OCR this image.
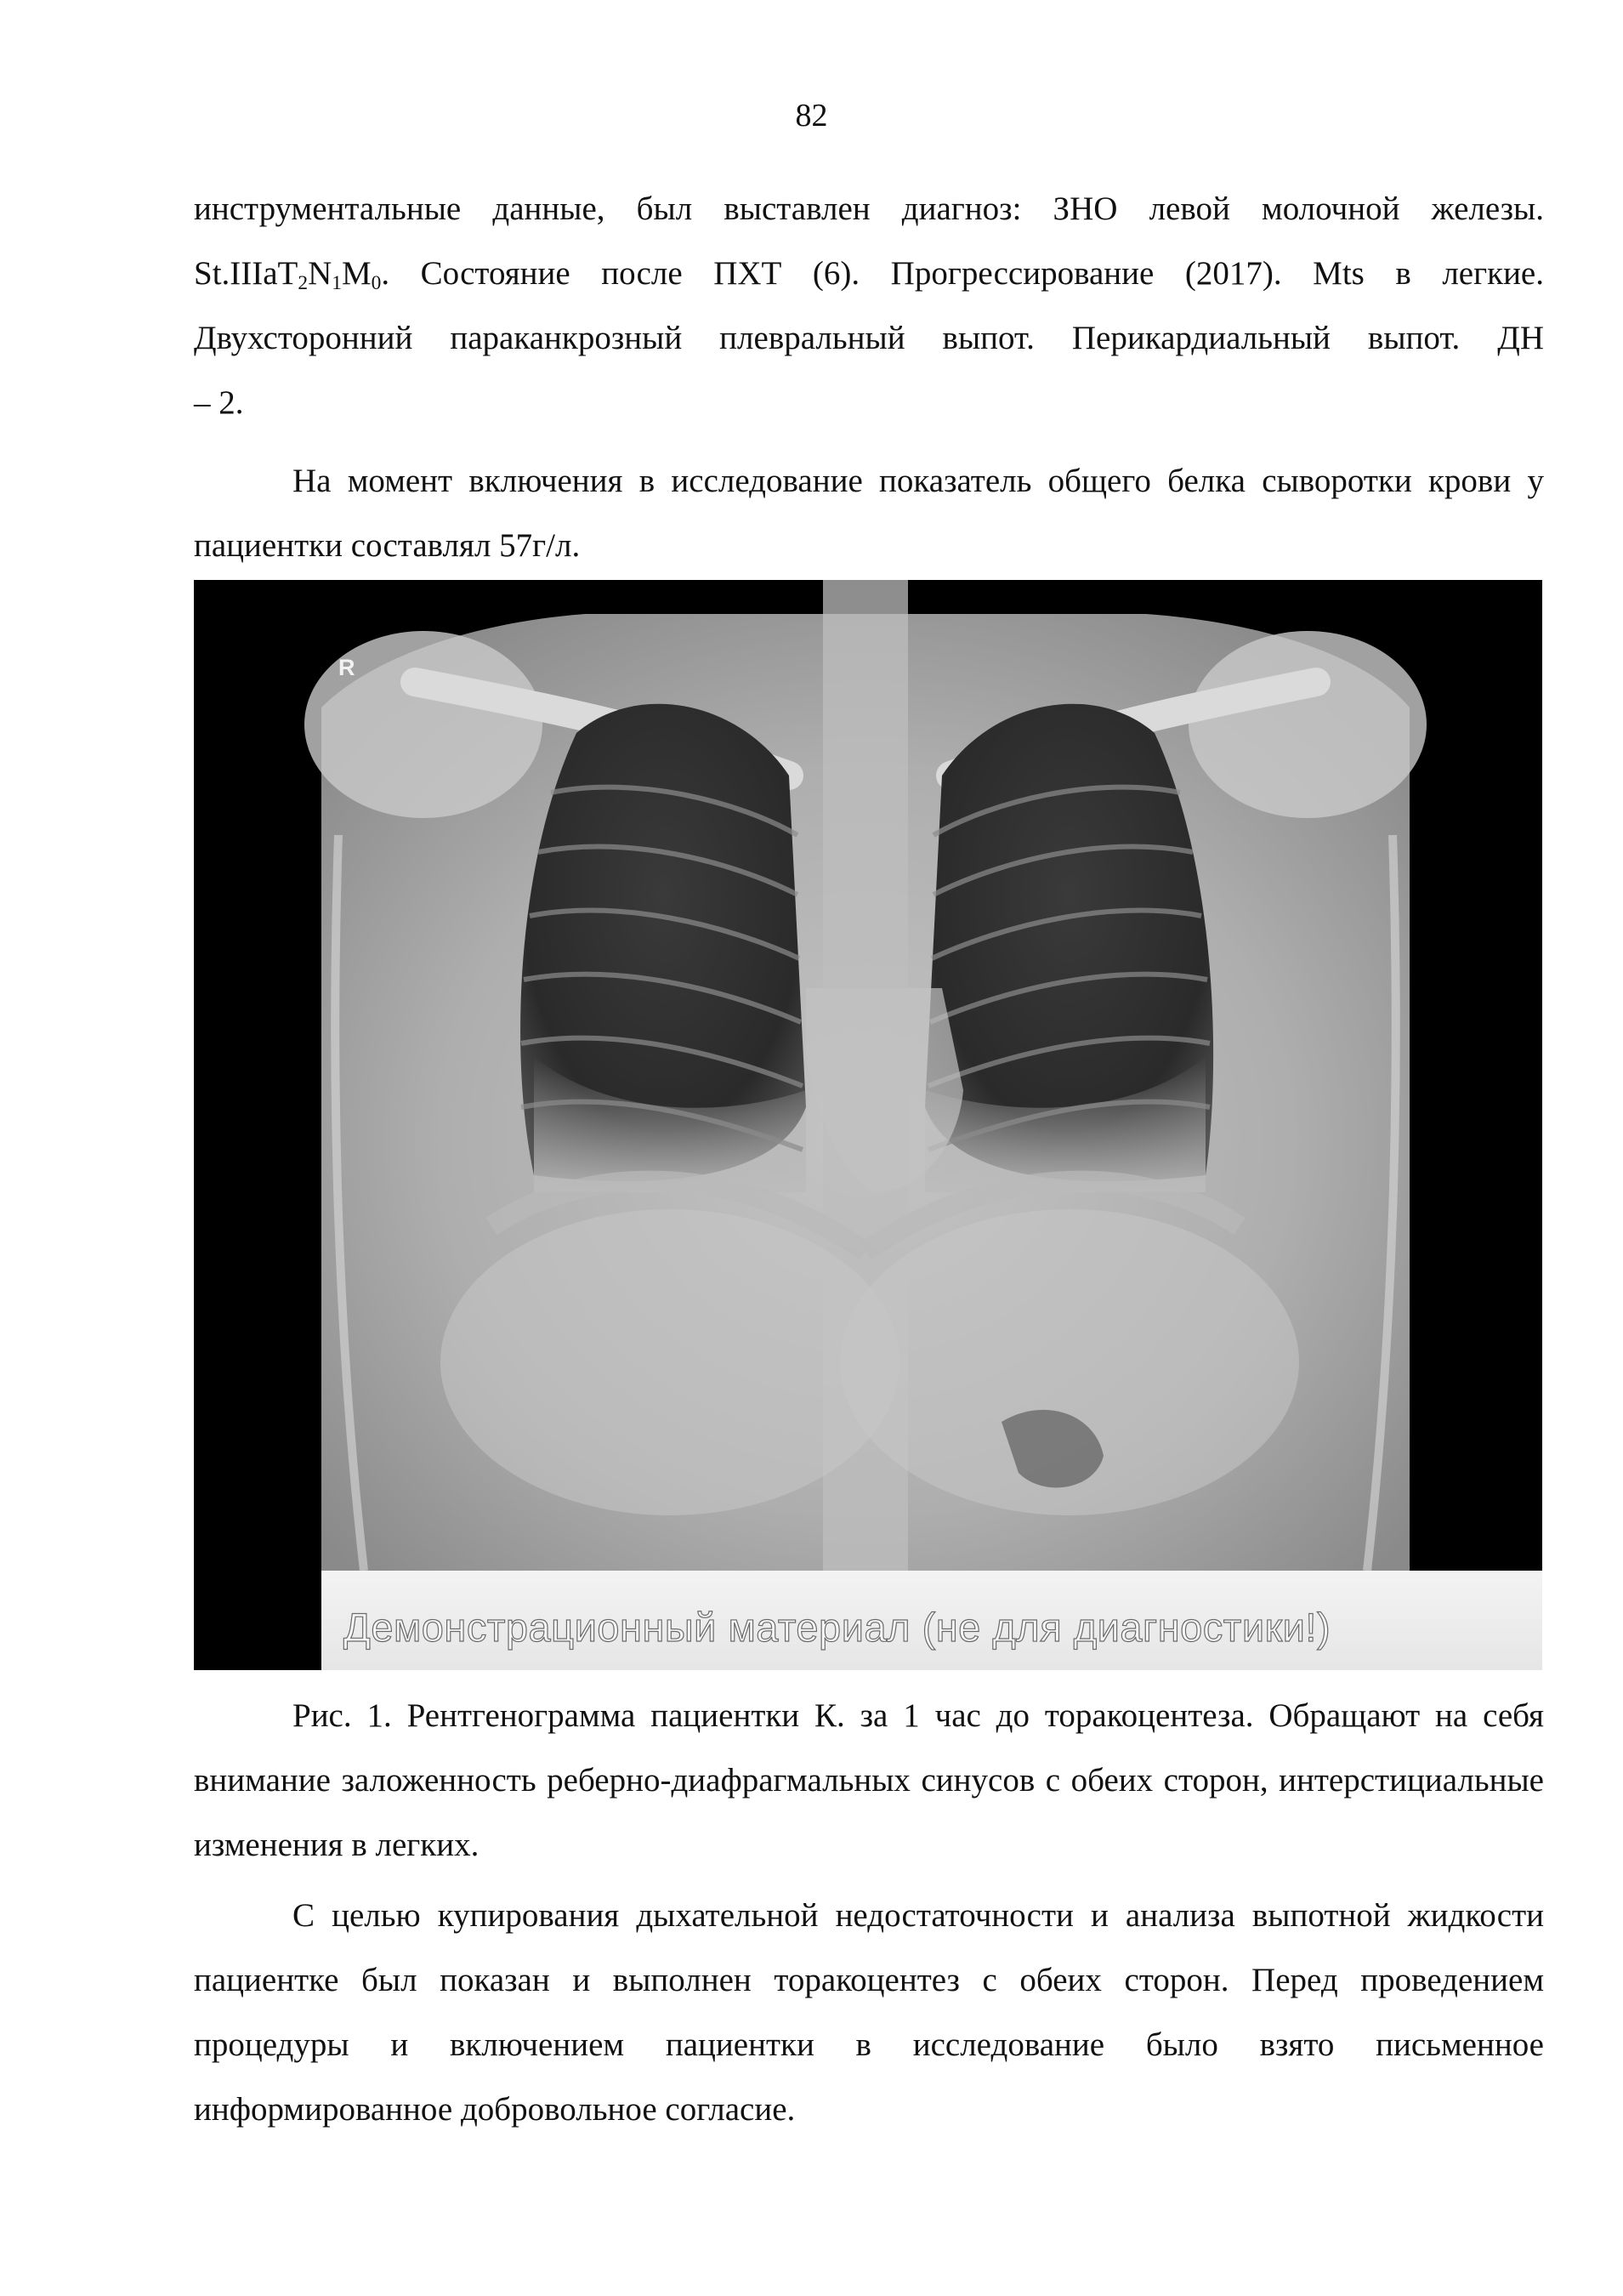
82

инструментальные данные, был выставлен диагноз: ЗНО левой молочной железы.

$St.IIIaT_2N_1M_0$. Состояние после ПХТ (6). Прогрессирование (2017). Mts в легкие.

Двухсторонний параканкрозный плевральный выпот. Перикардиальный выпот. ДН

– 2.

На момент включения в исследование показатель общего белка сыворотки крови у пациентки составлял 57г/л.

R
Демонстрационный материал (не для диагностики!)

Рис. 1. Рентгенограмма пациентки К. за 1 час до торакоцентеза. Обращают на себя внимание заложенность реберно-диафрагмальных синусов с обеих сторон, интерстициальные изменения в легких.

С целью купирования дыхательной недостаточности и анализа выпотной жидкости пациентке был показан и выполнен торакоцентез с обеих сторон. Перед проведением процедуры и включением пациентки в исследование было взято письменное информированное добровольное согласие.
